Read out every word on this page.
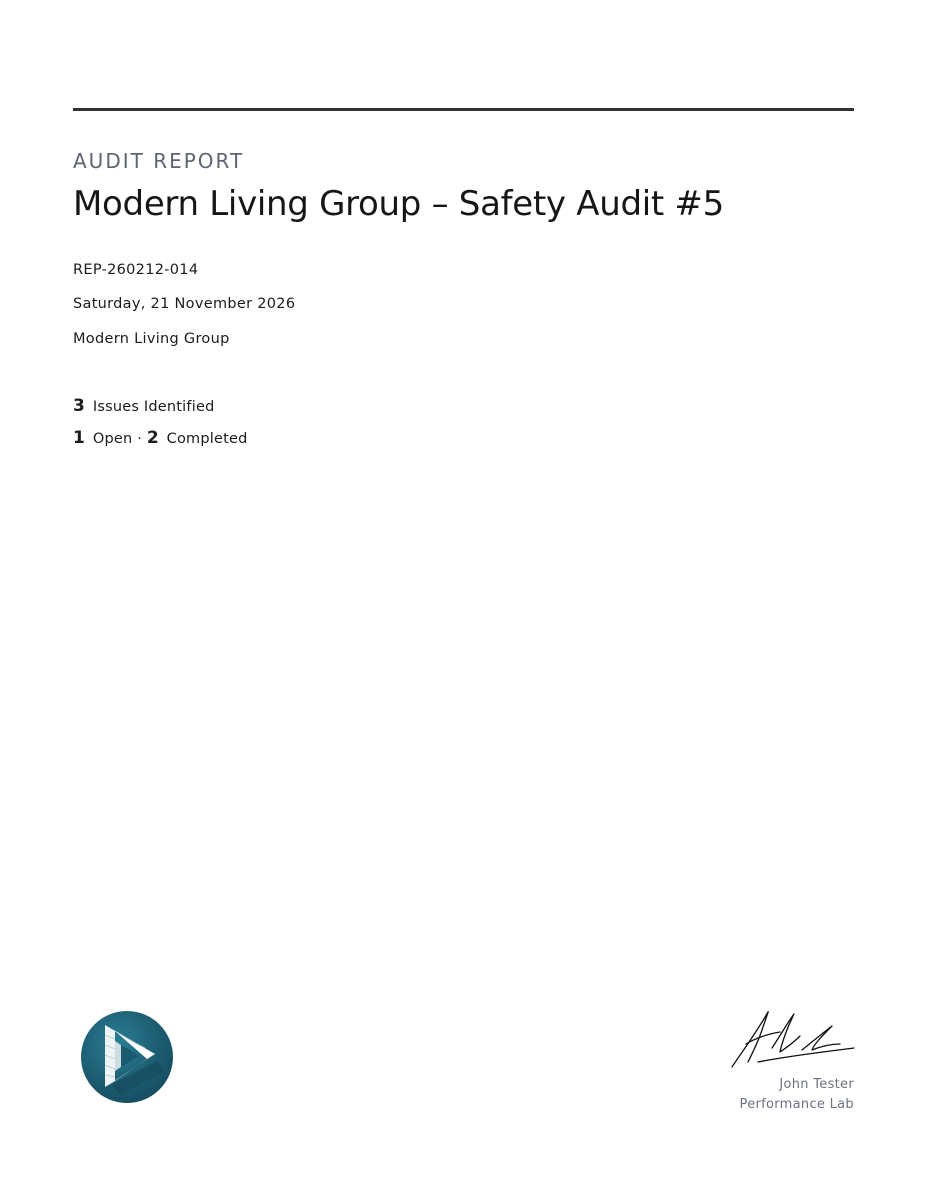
AUDIT REPORT
Modern Living Group – Safety Audit #5
REP-260212-014
Saturday, 21 November 2026
Modern Living Group
3 Issues Identified
1 Open · 2 Completed
John Tester
Performance Lab
